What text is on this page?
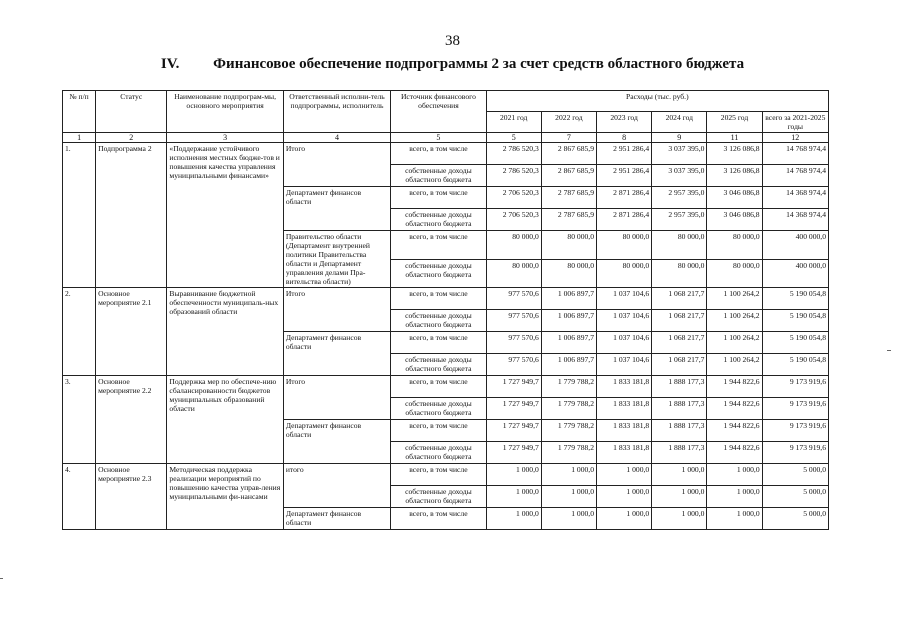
38
IV. Финансовое обеспечение подпрограммы 2 за счет средств областного бюджета
№ п/п	Статус	Наименование подпрограм-мы, основного мероприятия	Ответственный исполни-тель подпрограммы, исполнитель	Источник финансового обеспечения	Расходы (тыс. руб.)					
					2021 год	2022 год	2023 год	2024 год	2025 год	всего за 2021-2025 годы
1	2	3	4	5	5	7	8	9	11	12
1.	Подпрограмма 2	«Поддержание устойчивого исполнения местных бюдже-тов и повышения качества управления муниципальными финансами»	Итого	всего, в том числе	2 786 520,3	2 867 685,9	2 951 286,4	3 037 395,0	3 126 086,8	14 768 974,4
				собственные доходы областного бюджета	2 786 520,3	2 867 685,9	2 951 286,4	3 037 395,0	3 126 086,8	14 768 974,4
			Департамент финансов области	всего, в том числе	2 706 520,3	2 787 685,9	2 871 286,4	2 957 395,0	3 046 086,8	14 368 974,4
				собственные доходы областного бюджета	2 706 520,3	2 787 685,9	2 871 286,4	2 957 395,0	3 046 086,8	14 368 974,4
			Правительство области (Департамент внутренней политики Правительства области и Департамент управления делами Пра-вительства области)	всего, в том числе	80 000,0	80 000,0	80 000,0	80 000,0	80 000,0	400 000,0
				собственные доходы областного бюджета	80 000,0	80 000,0	80 000,0	80 000,0	80 000,0	400 000,0
2.	Основное мероприятие 2.1	Выравнивание бюджетной обеспеченности муниципаль-ных образований области	Итого	всего, в том числе	977 570,6	1 006 897,7	1 037 104,6	1 068 217,7	1 100 264,2	5 190 054,8
				собственные доходы областного бюджета	977 570,6	1 006 897,7	1 037 104,6	1 068 217,7	1 100 264,2	5 190 054,8
			Департамент финансов области	всего, в том числе	977 570,6	1 006 897,7	1 037 104,6	1 068 217,7	1 100 264,2	5 190 054,8
				собственные доходы областного бюджета	977 570,6	1 006 897,7	1 037 104,6	1 068 217,7	1 100 264,2	5 190 054,8
3.	Основное мероприятие 2.2	Поддержка мер по обеспече-нию сбалансированности бюджетов муниципальных образований области	Итого	всего, в том числе	1 727 949,7	1 779 788,2	1 833 181,8	1 888 177,3	1 944 822,6	9 173 919,6
				собственные доходы областного бюджета	1 727 949,7	1 779 788,2	1 833 181,8	1 888 177,3	1 944 822,6	9 173 919,6
			Департамент финансов области	всего, в том числе	1 727 949,7	1 779 788,2	1 833 181,8	1 888 177,3	1 944 822,6	9 173 919,6
				собственные доходы областного бюджета	1 727 949,7	1 779 788,2	1 833 181,8	1 888 177,3	1 944 822,6	9 173 919,6
4.	Основное мероприятие 2.3	Методическая поддержка реализации мероприятий по повышению качества управ-ления муниципальными фи-нансами	итого	всего, в том числе	1 000,0	1 000,0	1 000,0	1 000,0	1 000,0	5 000,0
				собственные доходы областного бюджета	1 000,0	1 000,0	1 000,0	1 000,0	1 000,0	5 000,0
			Департамент финансов области	всего, в том числе	1 000,0	1 000,0	1 000,0	1 000,0	1 000,0	5 000,0
